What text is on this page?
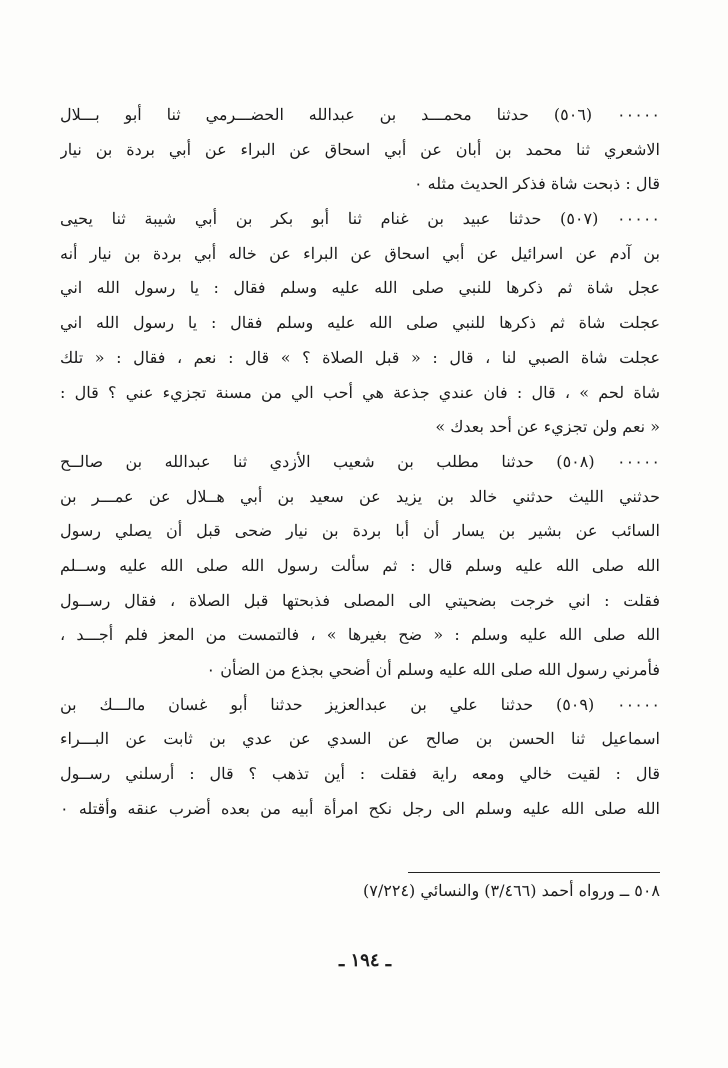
٠٠٠٠٠ (٥٠٦) حدثنا محمـــد بن عبدالله الحضـــرمي ثنا أبو بـــلال
الاشعري ثنا محمد بن أبان عن أبي اسحاق عن البراء عن أبي بردة بن نيار
قال : ذبحت شاة فذكر الحديث مثله ٠
٠٠٠٠٠ (٥٠٧) حدثنا عبيد بن غنام ثنا أبو بكر بن أبي شيبة ثنا يحيى
بن آدم عن اسرائيل عن أبي اسحاق عن البراء عن خاله أبي بردة بن نيار أنه
عجل شاة ثم ذكرها للنبي صلى الله عليه وسلم فقال : يا رسول الله اني
عجلت شاة ثم ذكرها للنبي صلى الله عليه وسلم فقال : يا رسول الله اني
عجلت شاة الصبي لنا ، قال : « قبل الصلاة ؟ » قال : نعم ، فقال : « تلك
شاة لحم » ، قال : فان عندي جذعة هي أحب الي من مسنة تجزيء عني ؟ قال :
« نعم ولن تجزيء عن أحد بعدك »
٠٠٠٠٠ (٥٠٨) حدثنا مطلب بن شعيب الأزدي ثنا عبدالله بن صالــح
حدثني الليث حدثني خالد بن يزيد عن سعيد بن أبي هــلال عن عمـــر بن
السائب عن بشير بن يسار أن أبا بردة بن نيار ضحى قبل أن يصلي رسول
الله صلى الله عليه وسلم قال : ثم سألت رسول الله صلى الله عليه وســلم
فقلت : اني خرجت بضحيتي الى المصلى فذبحتها قبل الصلاة ، فقال رســول
الله صلى الله عليه وسلم : « ضح بغيرها » ، فالتمست من المعز فلم أجـــد ،
فأمرني رسول الله صلى الله عليه وسلم أن أضحي بجذع من الضأن ٠
٠٠٠٠٠ (٥٠٩) حدثنا علي بن عبدالعزيز حدثنا أبو غسان مالـــك بن
اسماعيل ثنا الحسن بن صالح عن السدي عن عدي بن ثابت عن البـــراء
قال : لقيت خالي ومعه راية فقلت : أين تذهب ؟ قال : أرسلني رســول
الله صلى الله عليه وسلم الى رجل نكح امرأة أبيه من بعده أضرب عنقه وأقتله ٠
٥٠٨ ــ ورواه أحمد (٣/٤٦٦) والنسائي (٧/٢٢٤)
ـ ١٩٤ ـ
